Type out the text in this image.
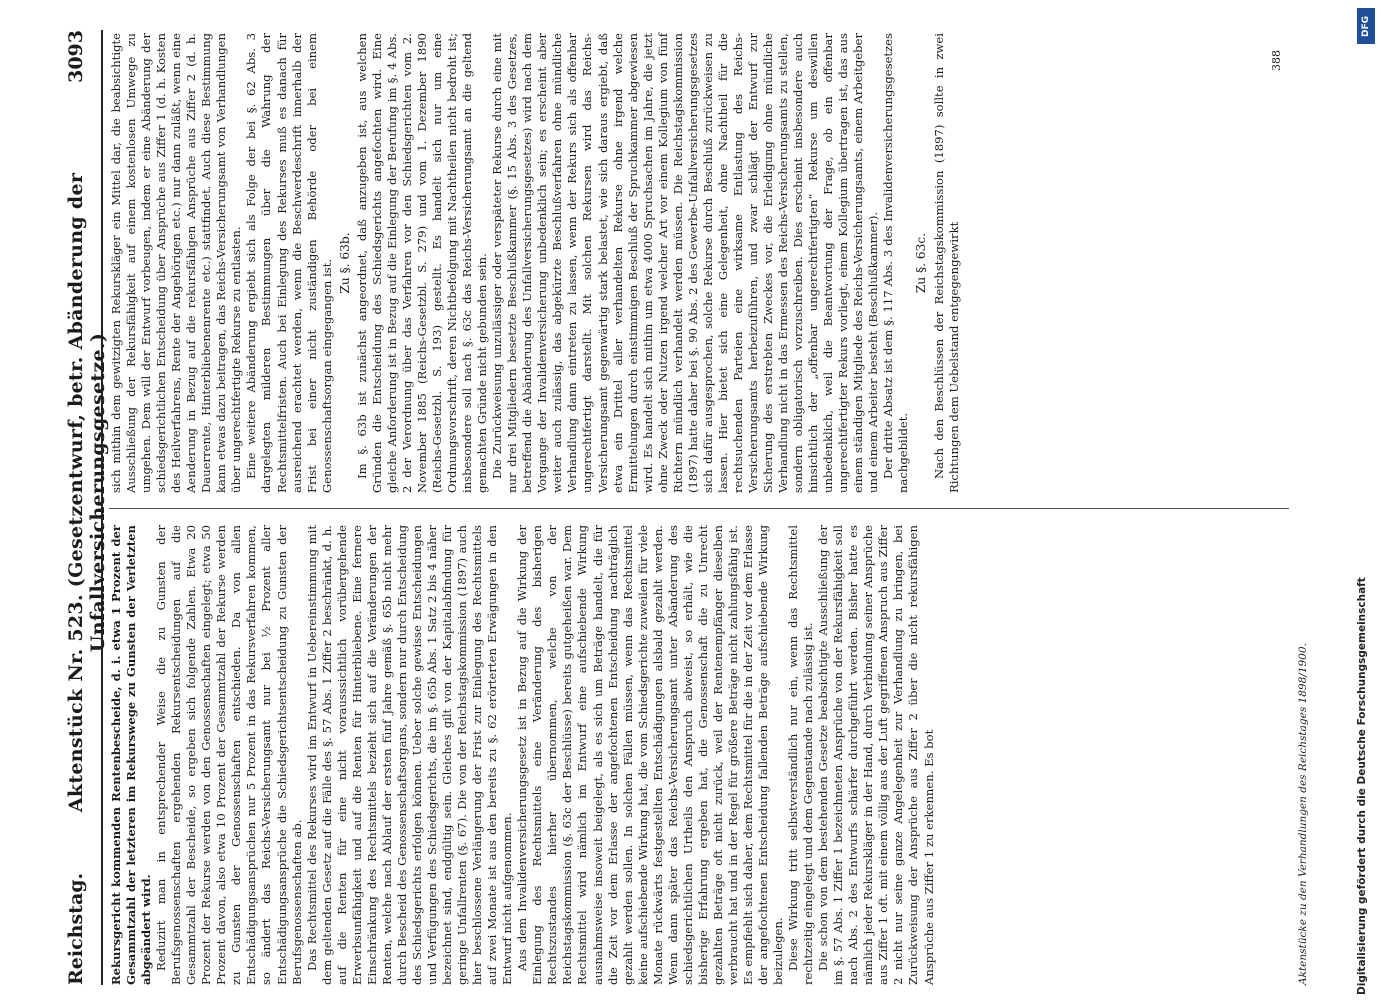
Reichstag.
Aktenstück Nr. 523. (Gesetzentwurf, betr. Abänderung der Unfallversicherungsgesetze.)
3093

Rekursgericht kommenden Rentenbescheide, d. i. etwa 1 Prozent der Gesammtzahl der letzteren im Rekurswege zu Gunsten der Verletzten abgeändert wird. Reduzirt man in entsprechender Weise die zu Gunsten der Berufsgenossenschaften ergehenden Rekursentscheidungen auf die Gesammtzahl der Bescheide, so ergeben sich folgende Zahlen. Etwa 20 Prozent der Rekurse werden von den Genossenschaften eingelegt; etwa 50 Prozent davon, also etwa 10 Prozent der Gesammtzahl der Rekurse werden zu Gunsten der Genossenschaften entschieden. Da von allen Entschädigungsansprüchen nur 5 Prozent in das Rekursverfahren kommen, so ändert das Reichs-Versicherungsamt nur bei ½ Prozent aller Entschädigungsansprüche die Schiedsgerichtsentscheidung zu Gunsten der Berufsgenossenschaften ab. Das Rechtsmittel des Rekurses wird im Entwurf in Uebereinstimmung mit dem geltenden Gesetz auf die Fälle des §. 57 Abs. 1 Ziffer 2 beschränkt, d. h. auf die Renten für eine nicht vorausssichtlich vorübergehende Erwerbsunfähigkeit und auf die Renten für Hinterbliebene. Eine fernere Einschränkung des Rechtsmittels bezieht sich auf die Veränderungen der Renten, welche nach Ablauf der ersten fünf Jahre gemäß §. 65b nicht mehr durch Bescheid des Genossenschaftsorgans, sondern nur durch Entscheidung des Schiedsgerichts erfolgen können. Ueber solche gewisse Entscheidungen und Verfügungen des Schiedsgerichts, die im §. 65b Abs. 1 Satz 2 bis 4 näher bezeichnet sind, endgültig sein. Gleiches gilt von der Kapitalabfindung für geringe Unfallrenten (§. 67). Die von der Reichstagskommission (1897) auch hier beschlossene Verlängerung der Frist zur Einlegung des Rechtsmittels auf zwei Monate ist aus den bereits zu §. 62 erörterten Erwägungen in den Entwurf nicht aufgenommen. Aus dem Invalidenversicherungsgesetz ist in Bezug auf die Wirkung der Einlegung des Rechtsmittels eine Veränderung des bisherigen Rechtszustandes hierher übernommen, welche von der Reichstagskommission (§. 63c der Beschlüsse) bereits gutgeheißen war. Dem Rechtsmittel wird nämlich im Entwurf eine aufschiebende Wirkung ausnahmsweise insoweit beigelegt, als es sich um Beträge handelt, die für die Zeit vor dem Erlasse der angefochtenen Entscheidung nachträglich gezahlt werden sollen. In solchen Fällen müssen, wenn das Rechtsmittel keine aufschiebende Wirkung hat, die vom Schiedsgerichte zuweilen für viele Monate rückwärts festgestellten Entschädigungen alsbald gezahlt werden. Wenn dann später das Reichs-Versicherungsamt unter Abänderung des schiedsgerichtlichen Urtheils den Anspruch abweist, so erhält, wie die bisherige Erfahrung ergeben hat, die Genossenschaft die zu Unrecht gezahlten Beträge oft nicht zurück, weil der Rentenempfänger dieselben verbraucht hat und in der Regel für größere Beträge nicht zahlungsfähig ist. Es empfiehlt sich daher, dem Rechtsmittel für die in der Zeit vor dem Erlasse der angefochtenen Entscheidung fallenden Beträge aufschiebende Wirkung beizulegen. Diese Wirkung tritt selbstverständlich nur ein, wenn das Rechtsmittel rechtzeitig eingelegt und dem Gegenstande nach zulässig ist. Die schon von dem bestehenden Gesetze beabsichtigte Ausschließung der im §. 57 Abs. 1 Ziffer 1 bezeichneten Ansprüche von der Rekursfähigkeit soll nach Abs. 2 des Entwurfs schärfer durchgeführt werden. Bisher hatte es nämlich jeder Rekurskläger in der Hand, durch Verbindung seiner Ansprüche aus Ziffer 1 oft. mit einem völlig aus der Luft gegriffenen Anspruch aus Ziffer 2 nicht nur seine ganze Angelegenheit zur Verhandlung zu bringen, bei Zurückweisung der Ansprüche aus Ziffer 2 über die nicht rekursfähigen Ansprüche aus Ziffer 1 zu erkennen. Es bot

sich mithin dem gewitzigten Rekurskläger ein Mittel dar, die beabsichtigte Ausschließung der Rekursfähigkeit auf einem kostenlosen Umwege zu umgehen. Dem will der Entwurf vorbeugen, indem er eine Abänderung der schiedsgerichtlichen Entscheidung über Ansprüche aus Ziffer 1 (d. h. Kosten des Heilverfahrens, Rente der Angehörigen etc.) nur dann zuläßt, wenn eine Aenderung in Bezug auf die rekursfähigen Ansprüche aus Ziffer 2 (d. h. Dauerrente, Hinterbliebenenrente etc.) stattfindet. Auch diese Bestimmung kann etwas dazu beitragen, das Reichs-Versicherungsamt von Verhandlungen über ungerechtfertigte Rekurse zu entlasten. Eine weitere Abänderung ergiebt sich als Folge der bei §. 62 Abs. 3 dargelegten milderen Bestimmungen über die Wahrung der Rechtsmittelfristen. Auch bei Einlegung des Rekurses muß es danach für ausreichend erachtet werden, wenn die Beschwerdeschrift innerhalb der Frist bei einer nicht zuständigen Behörde oder bei einem Genossenschaftsorgan eingegangen ist. Zu §. 63b. Im §. 63b ist zunächst angeordnet, daß anzugeben ist, aus welchen Gründen die Entscheidung des Schiedsgerichts angefochten wird. Eine gleiche Anforderung ist in Bezug auf die Einlegung der Berufung im §. 4 Abs. 2 der Verordnung über das Verfahren vor den Schiedsgerichten vom 2. November 1885 (Reichs-Gesetzbl. S. 279) und vom 1. Dezember 1890 (Reichs-Gesetzbl. S. 193) gestellt. Es handelt sich nur um eine Ordnungsvorschrift, deren Nichtbefolgung mit Nachtheilen nicht bedroht ist; insbesondere soll nach §. 63c das Reichs-Versicherungsamt an die geltend gemachten Gründe nicht gebunden sein. Die Zurückweisung unzulässiger oder verspäteter Rekurse durch eine mit nur drei Mitgliedern besetzte Beschlußkammer (§. 15 Abs. 3 des Gesetzes, betreffend die Abänderung des Unfallversicherungsgesetzes) wird nach dem Vorgange der Invalidenversicherung unbedenklich sein; es erscheint aber weiter auch zulässig, das abgekürzte Beschlußverfahren ohne mündliche Verhandlung dann eintreten zu lassen, wenn der Rekurs sich als offenbar ungerechtfertigt darstellt. Mit solchen Rekursen wird das Reichs-Versicherungsamt gegenwärtig stark belastet, wie sich daraus ergiebt, daß etwa ein Drittel aller verhandelten Rekurse ohne irgend welche Ermittelungen durch einstimmigen Beschluß der Spruchkammer abgewiesen wird. Es handelt sich mithin um etwa 4000 Spruchsachen im Jahre, die jetzt ohne Zweck oder Nutzen irgend welcher Art vor einem Kollegium von fünf Richtern mündlich verhandelt werden müssen. Die Reichstagskommission (1897) hatte daher bei §. 90 Abs. 2 des Gewerbe-Unfallversicherungsgesetzes sich dafür ausgesprochen, solche Rekurse durch Beschluß zurückweisen zu lassen. Hier bietet sich eine Gelegenheit, ohne Nachtheil für die rechtsuchenden Parteien eine wirksame Entlastung des Reichs-Versicherungsamts herbeizuführen, und zwar schlägt der Entwurf zur Sicherung des erstrebten Zweckes vor, die Erledigung ohne mündliche Verhandlung nicht in das Ermessen des Reichs-Versicherungsamts zu stellen, sondern obligatorisch vorzuschreiben. Dies erscheint insbesondere auch hinsichtlich der „offenbar ungerechtfertigten“ Rekurse um deswillen unbedenklich, weil die Beantwortung der Frage, ob ein offenbar ungerechtfertigter Rekurs vorliegt, einem Kollegium übertragen ist, das aus einem ständigen Mitgliede des Reichs-Versicherungsamts, einem Arbeitgeber und einem Arbeiter besteht (Beschlußkammer). Der dritte Absatz ist dem §. 117 Abs. 3 des Invalidenversicherungsgesetzes nachgebildet.

Zu §. 63c. Nach den Beschlüssen der Reichstagskommission (1897) sollte in zwei Richtungen dem Uebelstand entgegengewirkt

Aktenstücke zu den Verhandlungen des Reichstages 1898/1900.
388
DFG
Digitalisierung gefördert durch die Deutsche Forschungsgemeinschaft
